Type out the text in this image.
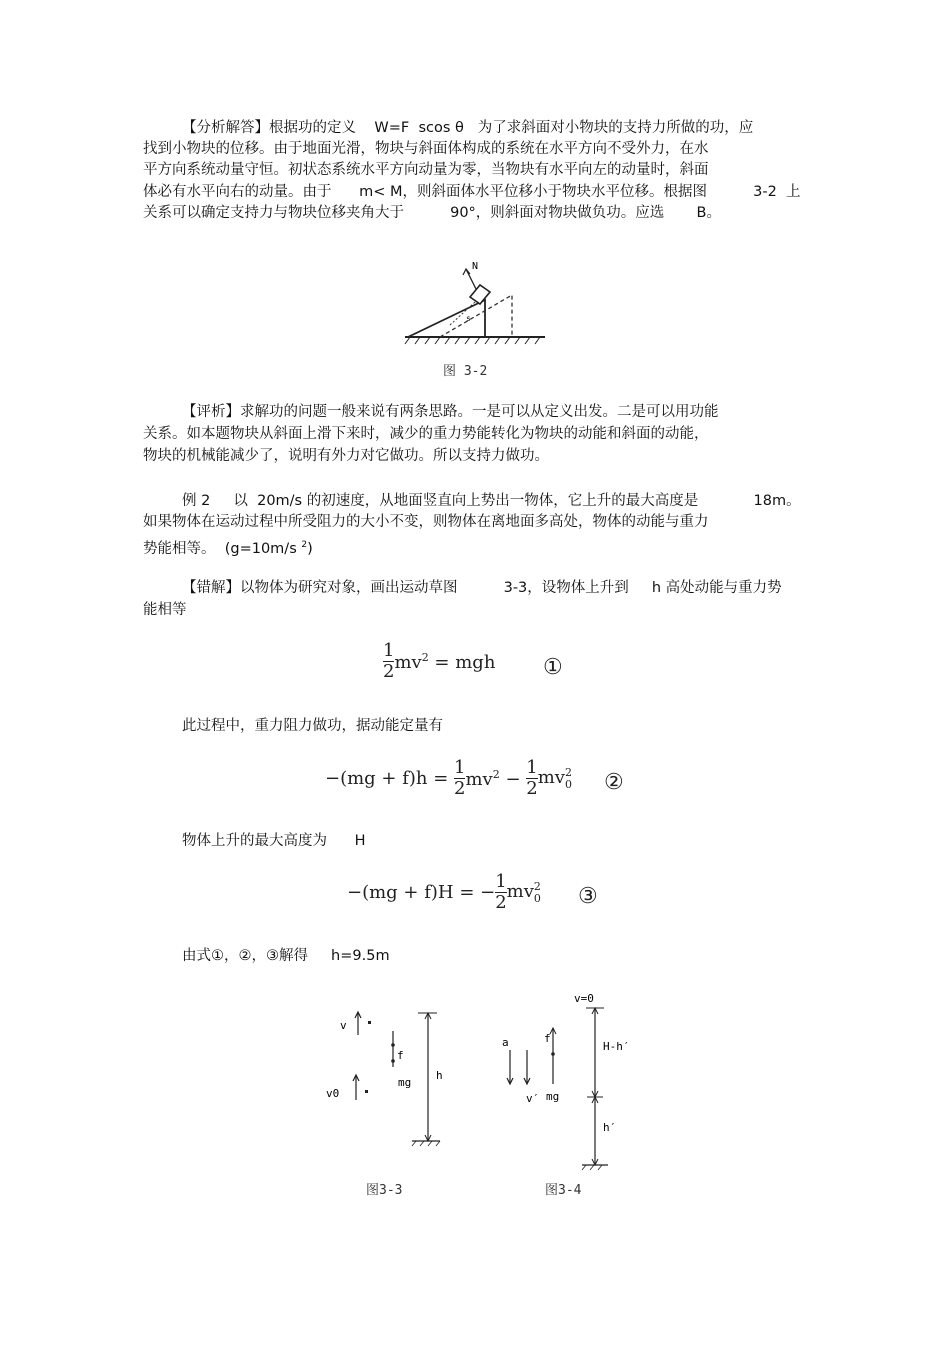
【分析解答】根据功的定义    W=F  scos θ   为了求斜面对小物块的支持力所做的功，应
找到小物块的位移。由于地面光滑，物块与斜面体构成的系统在水平方向不受外力，在水
平方向系统动量守恒。初状态系统水平方向动量为零，当物块有水平向左的动量时，斜面
体必有水平向右的动量。由于      m< M，则斜面体水平位移小于物块水平位移。根据图          3-2  上
关系可以确定支持力与物块位移夹角大于          90°，则斜面对物块做负功。应选       B。
N
s
图 3-2
【评析】求解功的问题一般来说有两条思路。一是可以从定义出发。二是可以用功能
关系。如本题物块从斜面上滑下来时，减少的重力势能转化为物块的动能和斜面的动能，
物块的机械能减少了，说明有外力对它做功。所以支持力做功。
例 2     以  20m/s 的初速度，从地面竖直向上势出一物体，它上升的最大高度是            18m。
如果物体在运动过程中所受阻力的大小不变，则物体在离地面多高处，物体的动能与重力
势能相等。  (g=10m/s $^2$)
【错解】以物体为研究对象，画出运动草图          3-3，设物体上升到     h 高处动能与重力势
能相等
$\frac{1}{2} mv^2$ = mgh ①
此过程中，重力阻力做功，据动能定量有
$-(mg + f)h = \frac{1}{2} mv^2 - \frac{1}{2} mv^2_0$ ②
物体上升的最大高度为      H
−(mg + f)H = − $\frac{1}{2} mv^2_0$ ③
由式①，②，③解得     h=9.5m
v
f
mg
v0
h
图3-3
v=0
a
v′
f
mg
H-h′
h′
图3-4
